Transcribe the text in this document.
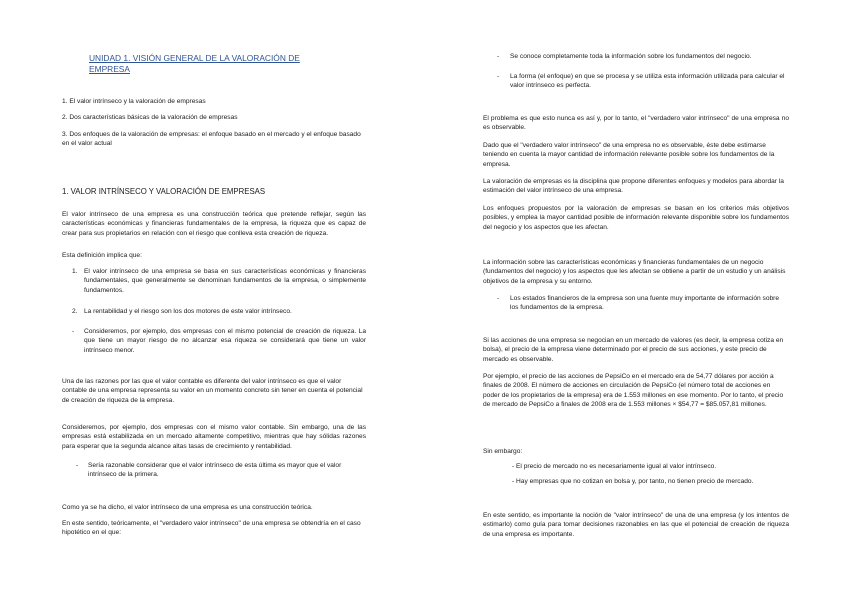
UNIDAD 1. VISIÓN GENERAL DE LA VALORACIÓN DE EMPRESA

1. El valor intrínseco y la valoración de empresas

2. Dos características básicas de la valoración de empresas

3. Dos enfoques de la valoración de empresas: el enfoque basado en el mercado y el enfoque basado en el valor actual

1. VALOR INTRÍNSECO Y VALORACIÓN DE EMPRESAS

El valor intrínseco de una empresa es una construcción teórica que pretende reflejar, según las características económicas y financieras fundamentales de la empresa, la riqueza que es capaz de crear para sus propietarios en relación con el riesgo que conlleva esta creación de riqueza.

Esta definición implica que:

1. El valor intrínseco de una empresa se basa en sus características económicas y financieras fundamentales, que generalmente se denominan fundamentos de la empresa, o simplemente fundamentos.
2. La rentabilidad y el riesgo son los dos motores de este valor intrínseco.
- Consideremos, por ejemplo, dos empresas con el mismo potencial de creación de riqueza. La que tiene un mayor riesgo de no alcanzar esa riqueza se considerará que tiene un valor intrínseco menor.

Una de las razones por las que el valor contable es diferente del valor intrínseco es que el valor contable de una empresa representa su valor en un momento concreto sin tener en cuenta el potencial de creación de riqueza de la empresa.

Consideremos, por ejemplo, dos empresas con el mismo valor contable. Sin embargo, una de las empresas está estabilizada en un mercado altamente competitivo, mientras que hay sólidas razones para esperar que la segunda alcance altas tasas de crecimiento y rentabilidad.

- Sería razonable considerar que el valor intrínseco de esta última es mayor que el valor intrínseco de la primera.

Como ya se ha dicho, el valor intrínseco de una empresa es una construcción teórica.

En este sentido, teóricamente, el "verdadero valor intrínseco" de una empresa se obtendría en el caso hipotético en el que:

- Se conoce completamente toda la información sobre los fundamentos del negocio.
- La forma (el enfoque) en que se procesa y se utiliza esta información utilizada para calcular el valor intrínseco es perfecta.

El problema es que esto nunca es así y, por lo tanto, el "verdadero valor intrínseco" de una empresa no es observable.

Dado que el "verdadero valor intrínseco" de una empresa no es observable, éste debe estimarse teniendo en cuenta la mayor cantidad de información relevante posible sobre los fundamentos de la empresa.

La valoración de empresas es la disciplina que propone diferentes enfoques y modelos para abordar la estimación del valor intrínseco de una empresa.

Los enfoques propuestos por la valoración de empresas se basan en los criterios más objetivos posibles, y emplea la mayor cantidad posible de información relevante disponible sobre los fundamentos del negocio y los aspectos que les afectan.

La información sobre las características económicas y financieras fundamentales de un negocio (fundamentos del negocio) y los aspectos que les afectan se obtiene a partir de un estudio y un análisis objetivos de la empresa y su entorno.

- Los estados financieros de la empresa son una fuente muy importante de información sobre los fundamentos de la empresa.

Si las acciones de una empresa se negocian en un mercado de valores (es decir, la empresa cotiza en bolsa), el precio de la empresa viene determinado por el precio de sus acciones, y este precio de mercado es observable.

Por ejemplo, el precio de las acciones de PepsiCo en el mercado era de 54,77 dólares por acción a finales de 2008. El número de acciones en circulación de PepsiCo (el número total de acciones en poder de los propietarios de la empresa) era de 1.553 millones en ese momento. Por lo tanto, el precio de mercado de PepsiCo a finales de 2008 era de 1.553 millones × $54,77 = $85.057,81 millones.

Sin embargo:

- El precio de mercado no es necesariamente igual al valor intrínseco.

- Hay empresas que no cotizan en bolsa y, por tanto, no tienen precio de mercado.

En este sentido, es importante la noción de "valor intrínseco" de una de una empresa (y los intentos de estimarlo) como guía para tomar decisiones razonables en las que el potencial de creación de riqueza de una empresa es importante.
